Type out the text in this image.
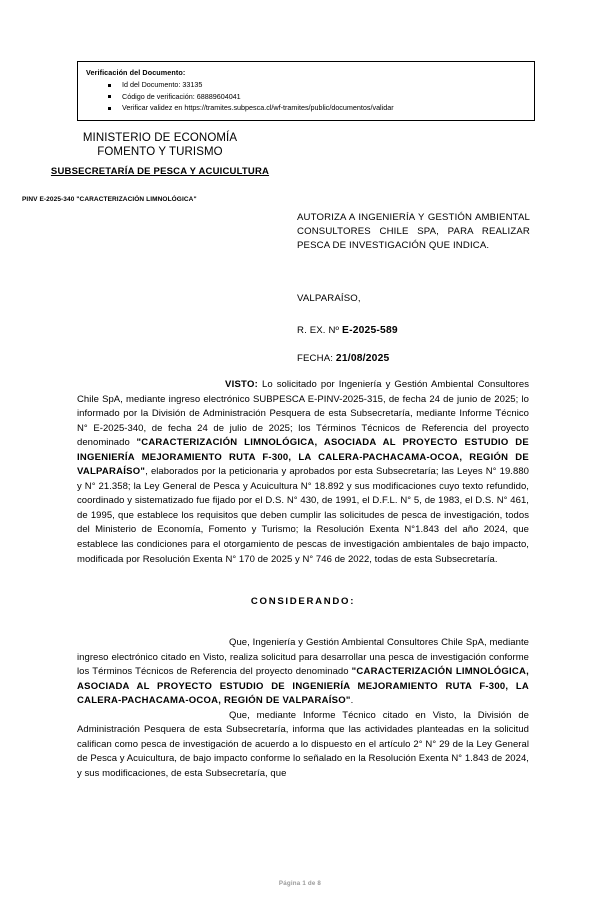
Verificación del Documento:
Id del Documento: 33135
Código de verificación: 68889604041
Verificar validez en https://tramites.subpesca.cl/wf-tramites/public/documentos/validar
MINISTERIO DE ECONOMÍA
FOMENTO Y TURISMO
SUBSECRETARÍA DE PESCA Y ACUICULTURA
PINV E-2025-340 "CARACTERIZACIÓN LIMNOLÓGICA"
AUTORIZA A INGENIERÍA Y GESTIÓN AMBIENTAL CONSULTORES CHILE SPA, PARA REALIZAR PESCA DE INVESTIGACIÓN QUE INDICA.
VALPARAÍSO,
R. EX. Nº E-2025-589
FECHA: 21/08/2025

VISTO: Lo solicitado por Ingeniería y Gestión Ambiental Consultores Chile SpA, mediante ingreso electrónico SUBPESCA E-PINV-2025-315, de fecha 24 de junio de 2025; lo informado por la División de Administración Pesquera de esta Subsecretaría, mediante Informe Técnico N° E-2025-340, de fecha 24 de julio de 2025; los Términos Técnicos de Referencia del proyecto denominado "CARACTERIZACIÓN LIMNOLÓGICA, ASOCIADA AL PROYECTO ESTUDIO DE INGENIERÍA MEJORAMIENTO RUTA F-300, LA CALERA-PACHACAMA-OCOA, REGIÓN DE VALPARAÍSO", elaborados por la peticionaria y aprobados por esta Subsecretaría; las Leyes N° 19.880 y N° 21.358; la Ley General de Pesca y Acuicultura N° 18.892 y sus modificaciones cuyo texto refundido, coordinado y sistematizado fue fijado por el D.S. N° 430, de 1991, el D.F.L. N° 5, de 1983, el D.S. N° 461, de 1995, que establece los requisitos que deben cumplir las solicitudes de pesca de investigación, todos del Ministerio de Economía, Fomento y Turismo; la Resolución Exenta N°1.843 del año 2024, que establece las condiciones para el otorgamiento de pescas de investigación ambientales de bajo impacto, modificada por Resolución Exenta N° 170 de 2025 y N° 746 de 2022, todas de esta Subsecretaría.

CONSIDERANDO:

Que, Ingeniería y Gestión Ambiental Consultores Chile SpA, mediante ingreso electrónico citado en Visto, realiza solicitud para desarrollar una pesca de investigación conforme los Términos Técnicos de Referencia del proyecto denominado "CARACTERIZACIÓN LIMNOLÓGICA, ASOCIADA AL PROYECTO ESTUDIO DE INGENIERÍA MEJORAMIENTO RUTA F-300, LA CALERA-PACHACAMA-OCOA, REGIÓN DE VALPARAÍSO".

Que, mediante Informe Técnico citado en Visto, la División de Administración Pesquera de esta Subsecretaría, informa que las actividades planteadas en la solicitud califican como pesca de investigación de acuerdo a lo dispuesto en el artículo 2° N° 29 de la Ley General de Pesca y Acuicultura, de bajo impacto conforme lo señalado en la Resolución Exenta N° 1.843 de 2024, y sus modificaciones, de esta Subsecretaría, que

Página 1 de 8
